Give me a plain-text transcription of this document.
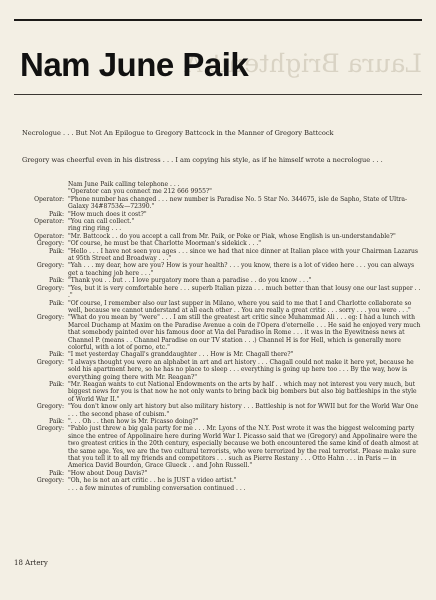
Laura Brightenit A
Nam June Paik
Necrologue . . . But Not An Epilogue to Gregory Battcock in the Manner of Gregory Battcock
Gregory was cheerful even in his distress . . . I am copying his style, as if he himself wrote a necrologue . . .
Nam June Paik calling telephone . . .
"Operator can you connect me 212 666 9955?"
Operator: "Phone number has changed . . . new number is Paradise No. 5 Star No. 344675, isle de Sapho, State of Ultra-Galaxy 34#8753&—72390."
Paik: "How much does it cost?"
Operator: "You can call collect."
ring ring ring . . .
Operator: "Mr. Battcock . . do you accept a call from Mr. Paik, or Poke or Piak, whose English is un-understandable?"
Gregory: "Of course, he must be that Charlotte Moorman's sidekick . . ."
Paik: "Hello . . . I have not seen you ages . . . since we had that nice dinner at Italian place with your Chairman Lazarus at 95th Street and Broadway . . ."
Gregory: "Yah . . . my dear, how are you? How is your health? . . . you know, there is a lot of video here . . . you can always get a teaching job here . . ."
Paik: "Thank you . . but . . I love purgatory more than a paradise . . do you know . . ."
Gregory: "Yes, but it is very comfortable here . . . superb Italian pizza . . . much better than that lousy one our last supper . . ."
Paik: "Of course, I remember also our last supper in Milano, where you said to me that I and Charlotte collaborate so well, because we cannot understand at all each other . . You are really a great critic . . . sorry . . . you were . . ."
Gregory: "What do you mean by "were" . . . I am still the greatest art critic since Muhammad Ali . . . eg: I had a lunch with Marcel Duchamp at Maxim on the Paradise Avenue a coin de l'Opera d'eternelle . . . He said he enjoyed very much that somebody painted over his famous door at Via del Paradiso in Rome . . . it was in the Eyewitness news at Channel P. (means . . Channel Paradise on our TV station . . .) Channel H is for Hell, which is generally more colorful, with a lot of porno, etc."
Paik: "I met yesterday Chagall's granddaughter . . . How is Mr. Chagall there?"
Gregory: "I always thought you were an alphabet in art and art history . . . Chagall could not make it here yet, because he sold his apartment here, so he has no place to sleep . . . everything is going up here too . . . By the way, how is everything going there with Mr. Reagan?"
Paik: "Mr. Reagan wants to cut National Endowments on the arts by half . . which may not interest you very much, but biggest news for you is that now he not only wants to bring back big bombers but also big battleships in the style of World War II."
Gregory: "You don't know only art history but also military history . . . Battleship is not for WWII but for the World War One . . . the second phase of cubism."
Paik: ". . . Oh . . then how is Mr. Picasso doing?"
Gregory: "Pablo just threw a big gala party for me . . . Mr. Lyons of the N.Y. Post wrote it was the biggest welcoming party since the entree of Appolinaire here during World War I. Picasso said that we (Gregory) and Appolinaire were the two greatest critics in the 20th century, especially because we both encountered the same kind of death almost at the same age. Yes, we are the two cultural terrorists, who were terrorized by the real terrorist. Please make sure that you tell it to all my friends and competitors . . . such as Pierre Restany . . . Otto Hahn . . . in Paris — in America David Bourdon, Grace Glueck . . and John Russell."
Paik: "How about Doug Davis?"
Gregory: "Oh, he is not an art critic . . he is JUST a video artist."
. . . a few minutes of rumbling conversation continued . . .
18 Artery
